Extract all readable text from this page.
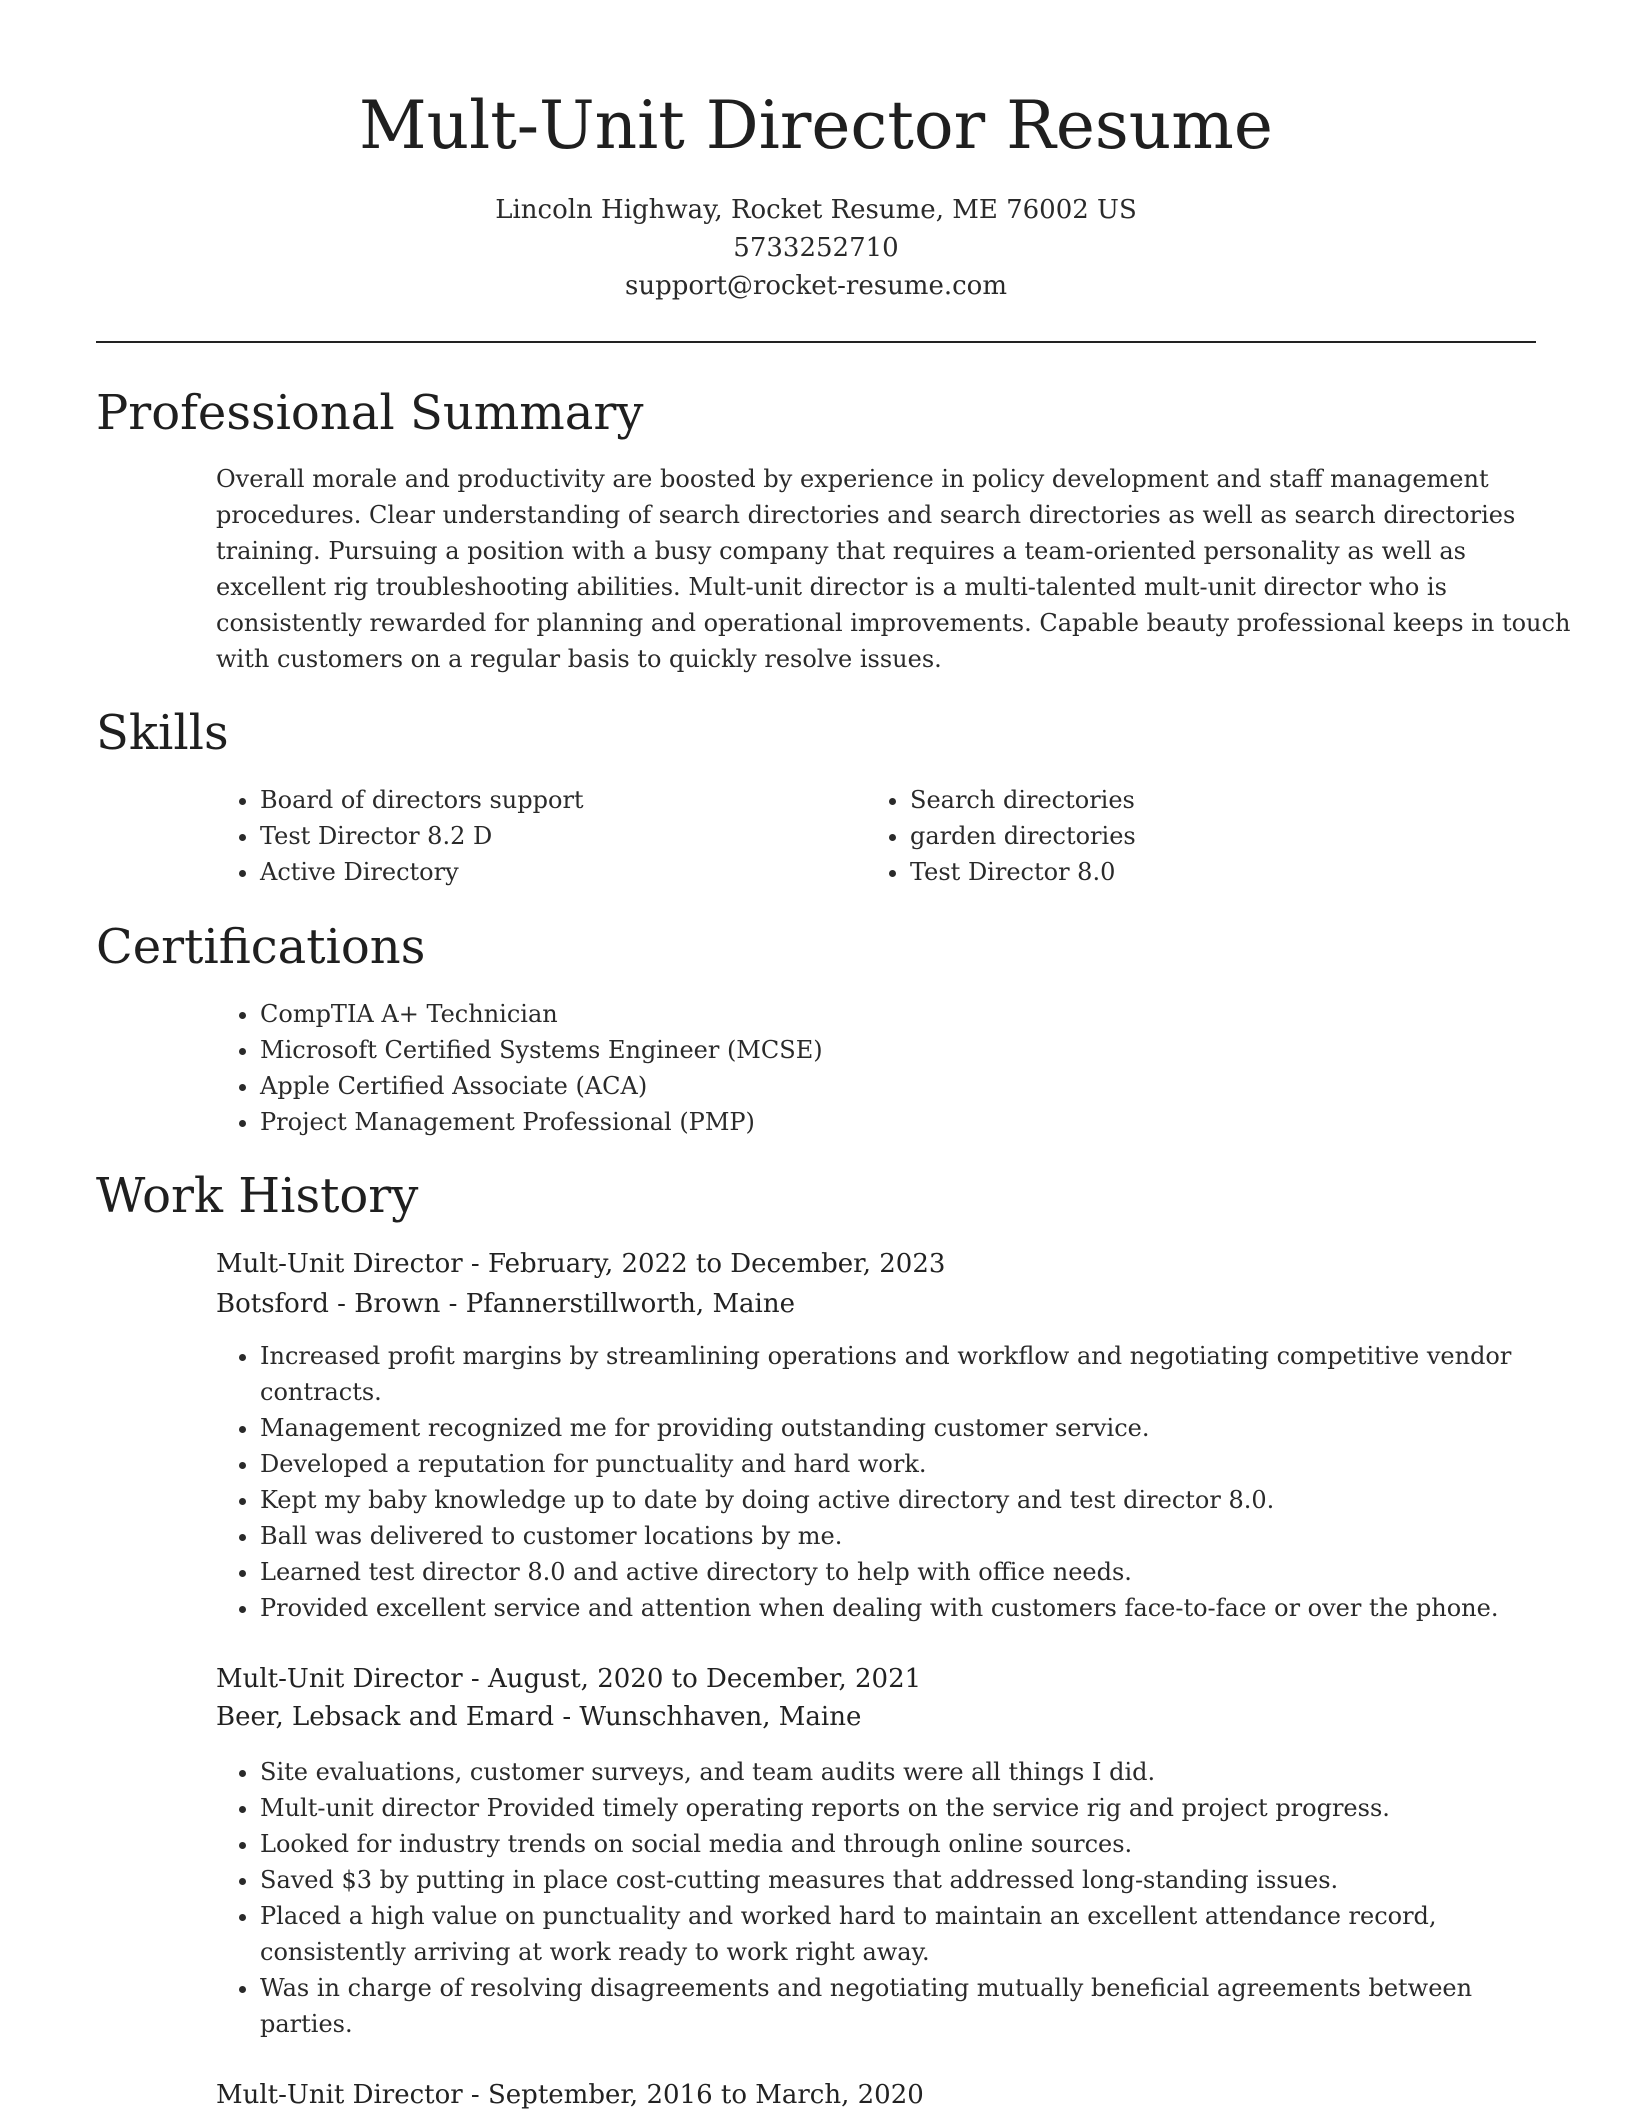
Mult-Unit Director Resume
Lincoln Highway, Rocket Resume, ME 76002 US
5733252710
support@rocket-resume.com
Professional Summary
Overall morale and productivity are boosted by experience in policy development and staff management
procedures. Clear understanding of search directories and search directories as well as search directories
training. Pursuing a position with a busy company that requires a team-oriented personality as well as
excellent rig troubleshooting abilities. Mult-unit director is a multi-talented mult-unit director who is
consistently rewarded for planning and operational improvements. Capable beauty professional keeps in touch
with customers on a regular basis to quickly resolve issues.
Skills
• Board of directors support
• Test Director 8.2 D
• Active Directory
• Search directories
• garden directories
• Test Director 8.0
Certifications
• CompTIA A+ Technician
• Microsoft Certified Systems Engineer (MCSE)
• Apple Certified Associate (ACA)
• Project Management Professional (PMP)
Work History
Mult-Unit Director - February, 2022 to December, 2023
Botsford - Brown - Pfannerstillworth, Maine
• Increased profit margins by streamlining operations and workflow and negotiating competitive vendor
contracts.
• Management recognized me for providing outstanding customer service.
• Developed a reputation for punctuality and hard work.
• Kept my baby knowledge up to date by doing active directory and test director 8.0.
• Ball was delivered to customer locations by me.
• Learned test director 8.0 and active directory to help with office needs.
• Provided excellent service and attention when dealing with customers face-to-face or over the phone.
Mult-Unit Director - August, 2020 to December, 2021
Beer, Lebsack and Emard - Wunschhaven, Maine
• Site evaluations, customer surveys, and team audits were all things I did.
• Mult-unit director Provided timely operating reports on the service rig and project progress.
• Looked for industry trends on social media and through online sources.
• Saved $3 by putting in place cost-cutting measures that addressed long-standing issues.
• Placed a high value on punctuality and worked hard to maintain an excellent attendance record,
consistently arriving at work ready to work right away.
• Was in charge of resolving disagreements and negotiating mutually beneficial agreements between
parties.
Mult-Unit Director - September, 2016 to March, 2020
